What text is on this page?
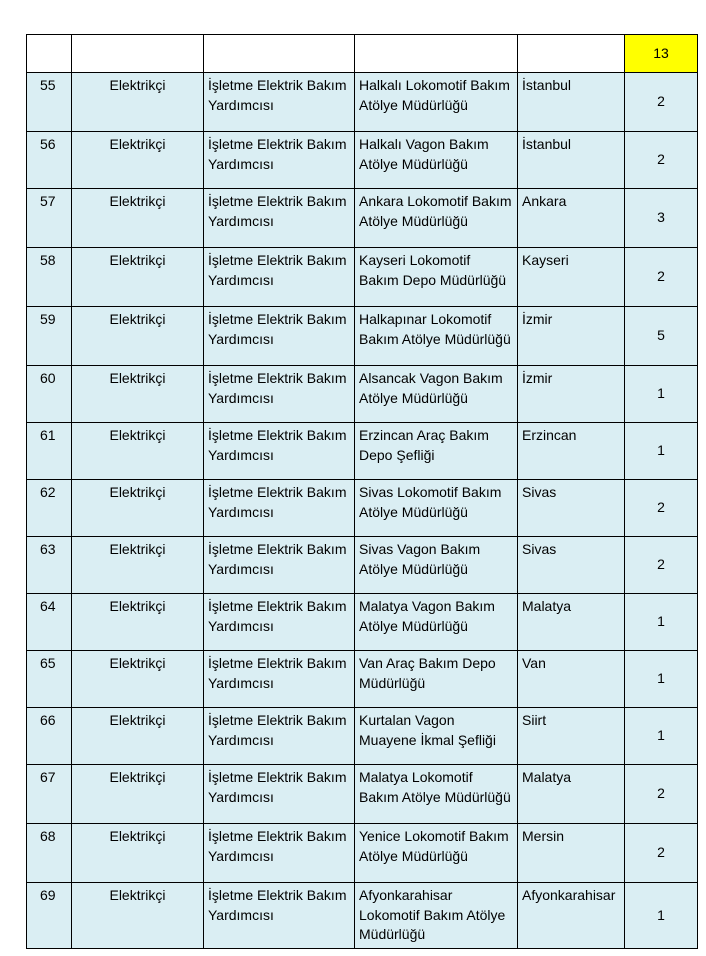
					13
55	Elektrikçi	İşletme Elektrik Bakım Yardımcısı	Halkalı Lokomotif Bakım Atölye Müdürlüğü	İstanbul	2
56	Elektrikçi	İşletme Elektrik Bakım Yardımcısı	Halkalı Vagon Bakım Atölye Müdürlüğü	İstanbul	2
57	Elektrikçi	İşletme Elektrik Bakım Yardımcısı	Ankara Lokomotif Bakım Atölye Müdürlüğü	Ankara	3
58	Elektrikçi	İşletme Elektrik Bakım Yardımcısı	Kayseri Lokomotif Bakım Depo Müdürlüğü	Kayseri	2
59	Elektrikçi	İşletme Elektrik Bakım Yardımcısı	Halkapınar Lokomotif Bakım Atölye Müdürlüğü	İzmir	5
60	Elektrikçi	İşletme Elektrik Bakım Yardımcısı	Alsancak Vagon Bakım Atölye Müdürlüğü	İzmir	1
61	Elektrikçi	İşletme Elektrik Bakım Yardımcısı	Erzincan Araç Bakım Depo Şefliği	Erzincan	1
62	Elektrikçi	İşletme Elektrik Bakım Yardımcısı	Sivas Lokomotif Bakım Atölye Müdürlüğü	Sivas	2
63	Elektrikçi	İşletme Elektrik Bakım Yardımcısı	Sivas Vagon Bakım Atölye Müdürlüğü	Sivas	2
64	Elektrikçi	İşletme Elektrik Bakım Yardımcısı	Malatya Vagon Bakım Atölye Müdürlüğü	Malatya	1
65	Elektrikçi	İşletme Elektrik Bakım Yardımcısı	Van Araç Bakım Depo Müdürlüğü	Van	1
66	Elektrikçi	İşletme Elektrik Bakım Yardımcısı	Kurtalan Vagon Muayene İkmal Şefliği	Siirt	1
67	Elektrikçi	İşletme Elektrik Bakım Yardımcısı	Malatya Lokomotif Bakım Atölye Müdürlüğü	Malatya	2
68	Elektrikçi	İşletme Elektrik Bakım Yardımcısı	Yenice Lokomotif Bakım Atölye Müdürlüğü	Mersin	2
69	Elektrikçi	İşletme Elektrik Bakım Yardımcısı	Afyonkarahisar Lokomotif Bakım Atölye Müdürlüğü	Afyonkarahisar	1
